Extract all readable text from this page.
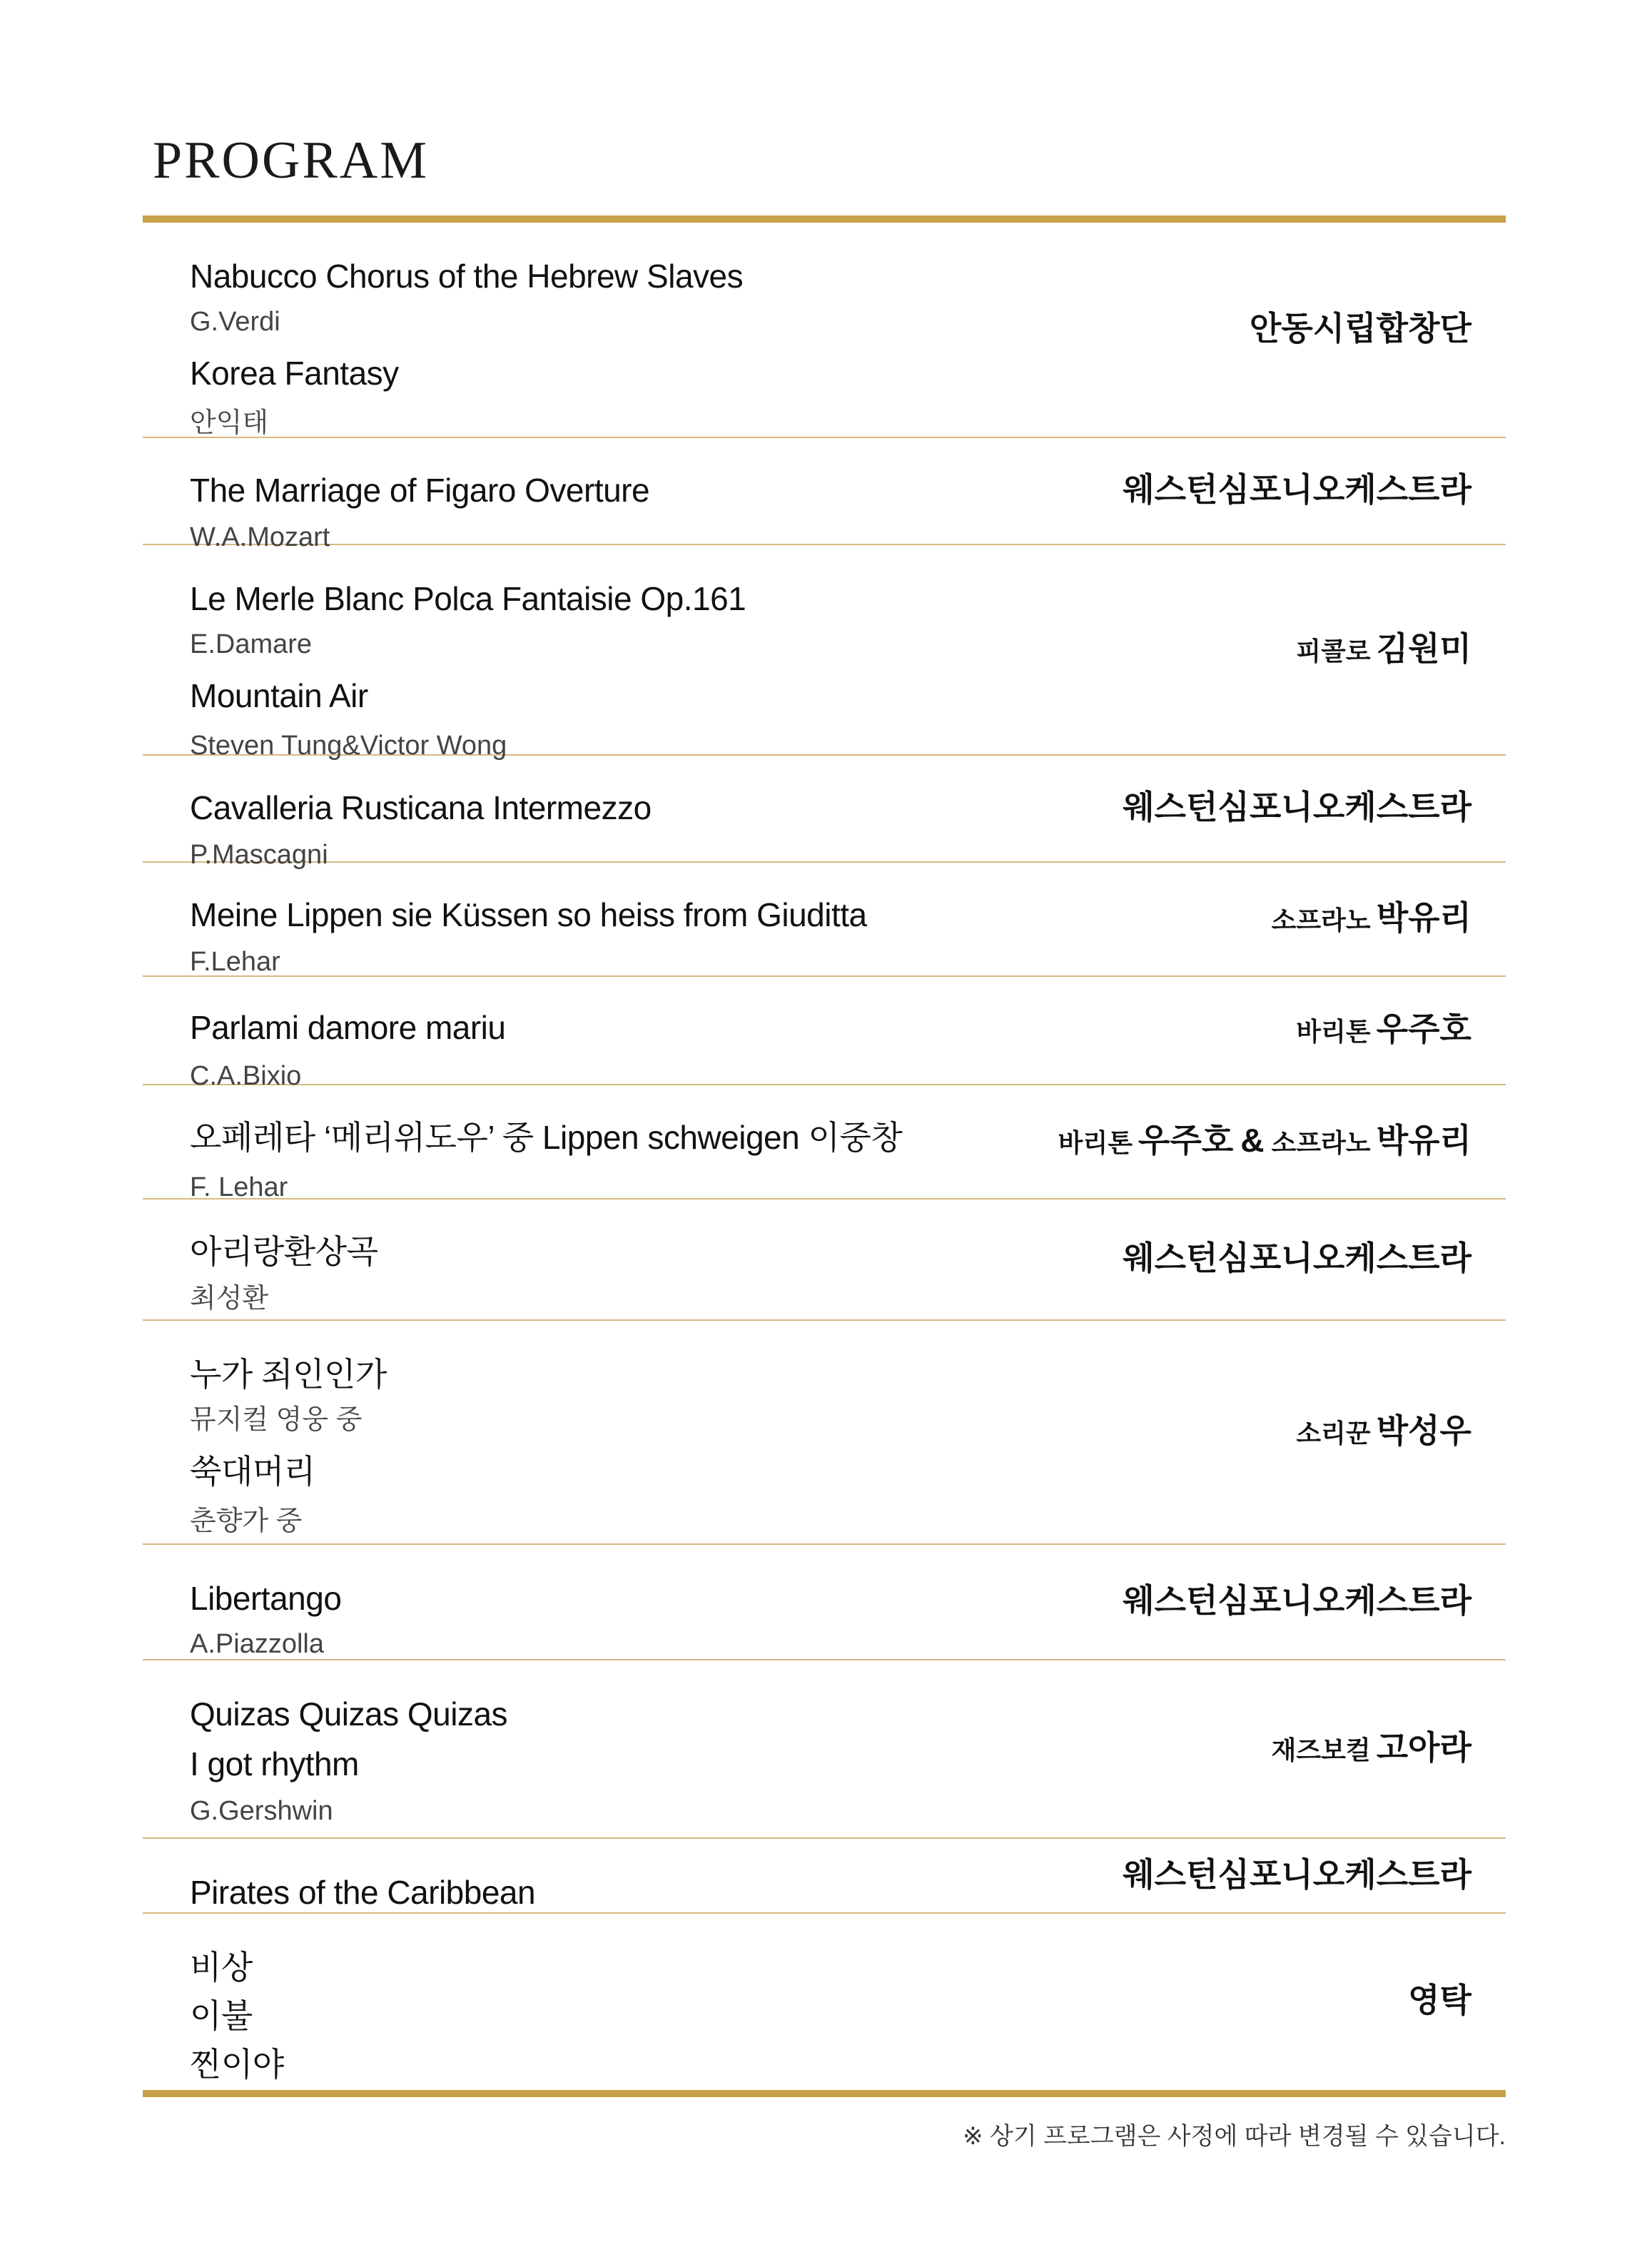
PROGRAM
Nabucco Chorus of the Hebrew Slaves
G.Verdi
Korea Fantasy
안익태
안동시립합창단
The Marriage of Figaro Overture
W.A.Mozart
웨스턴심포니오케스트라
Le Merle Blanc Polca Fantaisie Op.161
E.Damare
Mountain Air
Steven Tung&Victor Wong
피콜로 김원미
Cavalleria Rusticana Intermezzo
P.Mascagni
웨스턴심포니오케스트라
Meine Lippen sie Küssen so heiss from Giuditta
F.Lehar
소프라노 박유리
Parlami damore mariu
C.A.Bixio
바리톤 우주호
오페레타 ‘메리위도우’ 중 Lippen schweigen 이중창
F. Lehar
바리톤 우주호 & 소프라노 박유리
아리랑환상곡
최성환
웨스턴심포니오케스트라
누가 죄인인가
뮤지컬 영웅 중
쑥대머리
춘향가 중
소리꾼 박성우
Libertango
A.Piazzolla
웨스턴심포니오케스트라
Quizas Quizas Quizas
I got rhythm
G.Gershwin
재즈보컬 고아라
Pirates of the Caribbean	웨스턴심포니오케스트라
비상
이불
찐이야
영탁
※ 상기 프로그램은 사정에 따라 변경될 수 있습니다.
